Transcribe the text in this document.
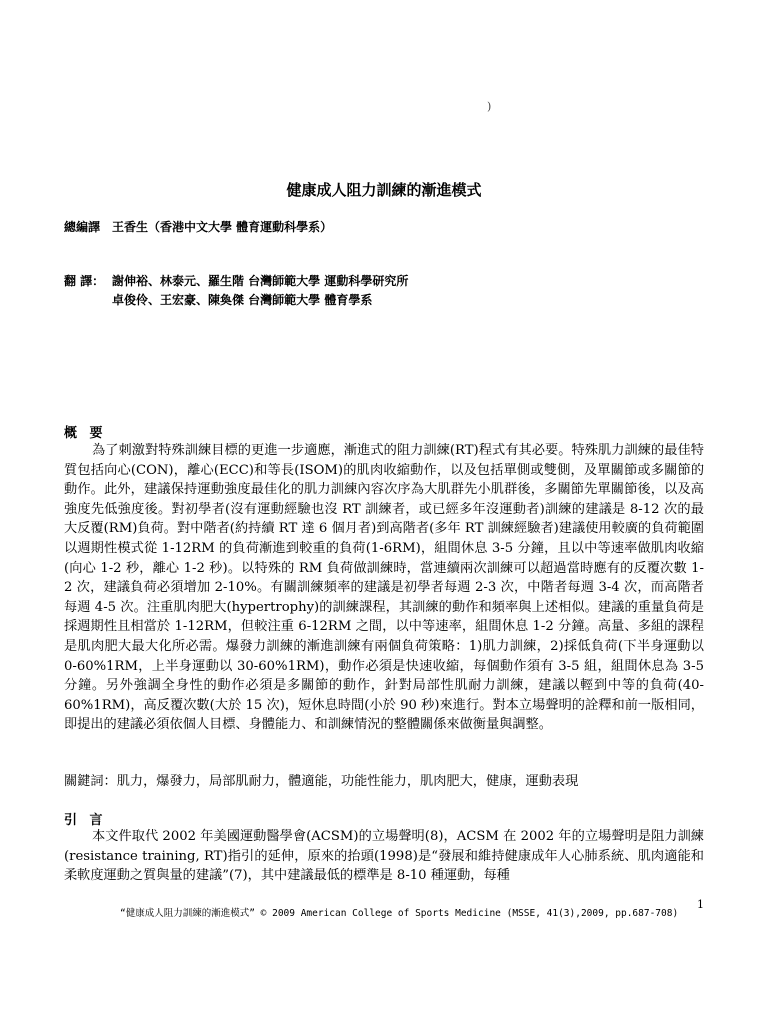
)
健康成人阻力訓練的漸進模式
總編譯 王香生（香港中文大學 體育運動科學系）
翻 譯： 謝伸裕、林泰元、羅生階 台灣師範大學 運動科學研究所
卓俊伶、王宏豪、陳奐傑 台灣師範大學 體育學系
概 要

為了刺激對特殊訓練目標的更進一步適應，漸進式的阻力訓練(RT)程式有其必要。特殊肌力訓練的最佳特質包括向心(CON)，離心(ECC)和等長(ISOM)的肌肉收縮動作，以及包括單側或雙側，及單關節或多關節的動作。此外，建議保持運動強度最佳化的肌力訓練內容次序為大肌群先小肌群後，多關節先單關節後，以及高強度先低強度後。對初學者(沒有運動經驗也沒 RT 訓練者，或已經多年沒運動者)訓練的建議是 8-12 次的最大反覆(RM)負荷。對中階者(約持續 RT 達 6 個月者)到高階者(多年 RT 訓練經驗者)建議使用較廣的負荷範圍 以週期性模式從 1-12RM 的負荷漸進到較重的負荷(1-6RM)，組間休息 3-5 分鐘，且以中等速率做肌肉收縮(向心 1-2 秒，離心 1-2 秒)。以特殊的 RM 負荷做訓練時，當連續兩次訓練可以超過當時應有的反覆次數 1-2 次，建議負荷必須增加 2-10%。有關訓練頻率的建議是初學者每週 2-3 次，中階者每週 3-4 次，而高階者每週 4-5 次。注重肌肉肥大(hypertrophy)的訓練課程，其訓練的動作和頻率與上述相似。建議的重量負荷是採週期性且相當於 1-12RM，但較注重 6-12RM 之間，以中等速率，組間休息 1-2 分鐘。高量、多組的課程是肌肉肥大最大化所必需。爆發力訓練的漸進訓練有兩個負荷策略：1)肌力訓練，2)採低負荷(下半身運動以 0-60%1RM，上半身運動以 30-60%1RM)，動作必須是快速收縮，每個動作須有 3-5 組，組間休息為 3-5 分鐘。另外強調全身性的動作必須是多關節的動作，針對局部性肌耐力訓練，建議以輕到中等的負荷(40-60%1RM)，高反覆次數(大於 15 次)，短休息時間(小於 90 秒)來進行。對本立場聲明的詮釋和前一版相同，即提出的建議必須依個人目標、身體能力、和訓練情況的整體關係來做衡量與調整。

關鍵詞：肌力，爆發力，局部肌耐力，體適能，功能性能力，肌肉肥大，健康，運動表現
引 言

本文件取代 2002 年美國運動醫學會(ACSM)的立場聲明(8)，ACSM 在 2002 年的立場聲明是阻力訓練(resistance training, RT)指引的延伸，原來的抬頭(1998)是“發展和維持健康成年人心肺系統、肌肉適能和柔軟度運動之質與量的建議”(7)，其中建議最低的標準是 8-10 種運動，每種

1
“健康成人阻力訓練的漸進模式” © 2009 American College of Sports Medicine (MSSE, 41(3),2009, pp.687-708)
